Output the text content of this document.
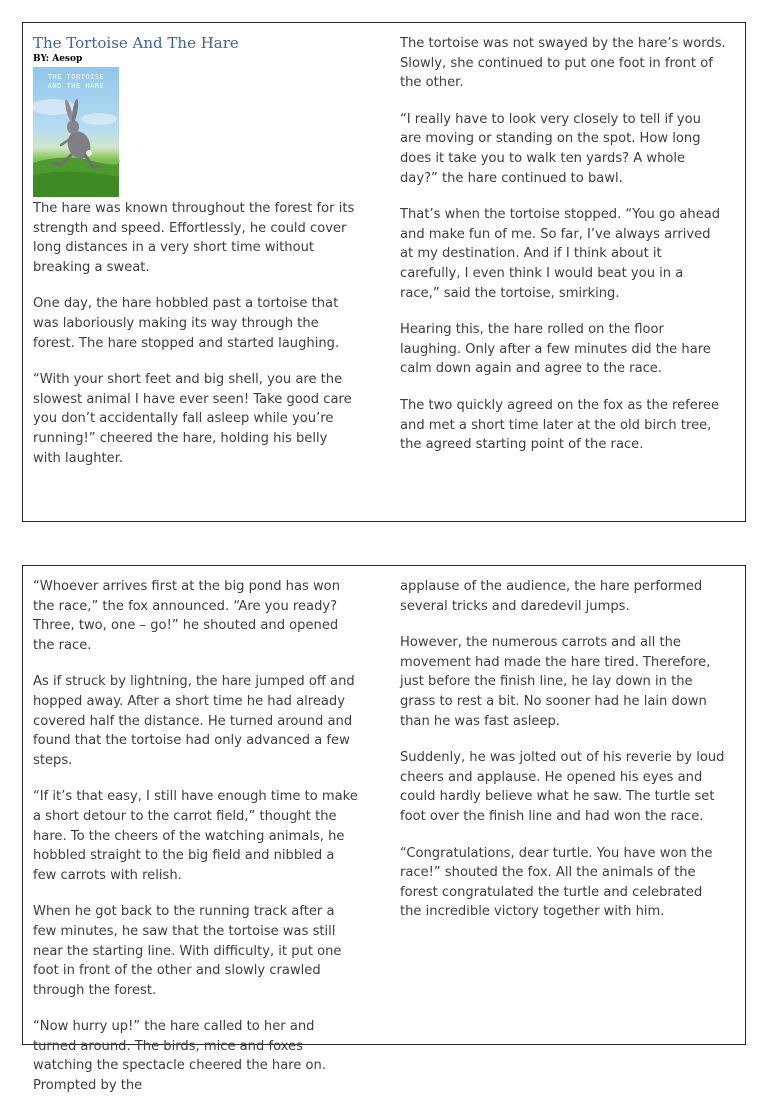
The Tortoise And The Hare
BY: Aesop
THE TORTOISE
AND THE HARE

The hare was known throughout the forest for its strength and speed. Effortlessly, he could cover long distances in a very short time without breaking a sweat.

One day, the hare hobbled past a tortoise that was laboriously making its way through the forest. The hare stopped and started laughing.

“With your short feet and big shell, you are the slowest animal I have ever seen! Take good care you don’t accidentally fall asleep while you’re running!” cheered the hare, holding his belly with laughter.

The tortoise was not swayed by the hare’s words. Slowly, she continued to put one foot in front of the other.

“I really have to look very closely to tell if you are moving or standing on the spot. How long does it take you to walk ten yards? A whole day?” the hare continued to bawl.

That’s when the tortoise stopped. “You go ahead and make fun of me. So far, I’ve always arrived at my destination. And if I think about it carefully, I even think I would beat you in a race,” said the tortoise, smirking.

Hearing this, the hare rolled on the floor laughing. Only after a few minutes did the hare calm down again and agree to the race.

The two quickly agreed on the fox as the referee and met a short time later at the old birch tree, the agreed starting point of the race.

“Whoever arrives first at the big pond has won the race,” the fox announced. “Are you ready? Three, two, one – go!” he shouted and opened the race.

As if struck by lightning, the hare jumped off and hopped away. After a short time he had already covered half the distance. He turned around and found that the tortoise had only advanced a few steps.

“If it’s that easy, I still have enough time to make a short detour to the carrot field,” thought the hare. To the cheers of the watching animals, he hobbled straight to the big field and nibbled a few carrots with relish.

When he got back to the running track after a few minutes, he saw that the tortoise was still near the starting line. With difficulty, it put one foot in front of the other and slowly crawled through the forest.

“Now hurry up!” the hare called to her and turned around. The birds, mice and foxes watching the spectacle cheered the hare on. Prompted by the

applause of the audience, the hare performed several tricks and daredevil jumps.

However, the numerous carrots and all the movement had made the hare tired. Therefore, just before the finish line, he lay down in the grass to rest a bit. No sooner had he lain down than he was fast asleep.

Suddenly, he was jolted out of his reverie by loud cheers and applause. He opened his eyes and could hardly believe what he saw. The turtle set foot over the finish line and had won the race.

“Congratulations, dear turtle. You have won the race!” shouted the fox. All the animals of the forest congratulated the turtle and celebrated the incredible victory together with him.
